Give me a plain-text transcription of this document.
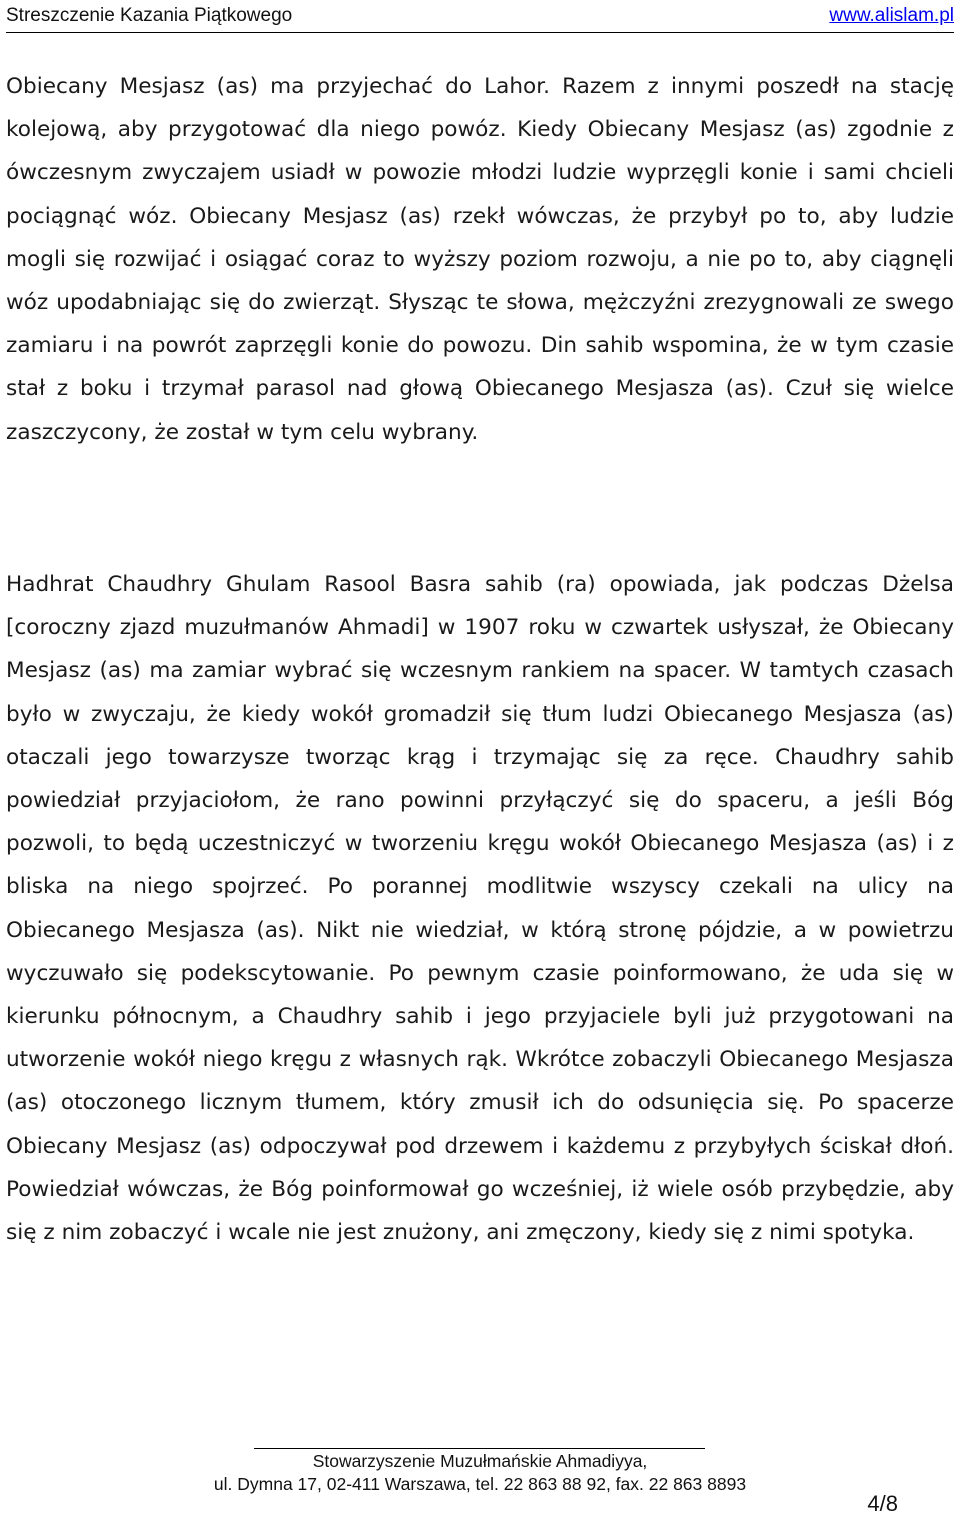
Streszczenie Kazania Piątkowego	www.alislam.pl

Obiecany Mesjasz (as) ma przyjechać do Lahor. Razem z innymi poszedł na stację kolejową, aby przygotować dla niego powóz. Kiedy Obiecany Mesjasz (as) zgodnie z ówczesnym zwyczajem usiadł w powozie młodzi ludzie wyprzęgli konie i sami chcieli pociągnąć wóz. Obiecany Mesjasz (as) rzekł wówczas, że przybył po to, aby ludzie mogli się rozwijać i osiągać coraz to wyższy poziom rozwoju, a nie po to, aby ciągnęli wóz upodabniając się do zwierząt. Słysząc te słowa, mężczyźni zrezygnowali ze swego zamiaru i na powrót zaprzęgli konie do powozu. Din sahib wspomina, że w tym czasie stał z boku i trzymał parasol nad głową Obiecanego Mesjasza (as). Czuł się wielce zaszczycony, że został w tym celu wybrany.

Hadhrat Chaudhry Ghulam Rasool Basra sahib (ra) opowiada, jak podczas Dżelsa [coroczny zjazd muzułmanów Ahmadi] w 1907 roku w czwartek usłyszał, że Obiecany Mesjasz (as) ma zamiar wybrać się wczesnym rankiem na spacer. W tamtych czasach było w zwyczaju, że kiedy wokół gromadził się tłum ludzi Obiecanego Mesjasza (as) otaczali jego towarzysze tworząc krąg i trzymając się za ręce. Chaudhry sahib powiedział przyjaciołom, że rano powinni przyłączyć się do spaceru, a jeśli Bóg pozwoli, to będą uczestniczyć w tworzeniu kręgu wokół Obiecanego Mesjasza (as) i z bliska na niego spojrzeć. Po porannej modlitwie wszyscy czekali na ulicy na Obiecanego Mesjasza (as). Nikt nie wiedział, w którą stronę pójdzie, a w powietrzu wyczuwało się podekscytowanie. Po pewnym czasie poinformowano, że uda się w kierunku północnym, a Chaudhry sahib i jego przyjaciele byli już przygotowani na utworzenie wokół niego kręgu z własnych rąk. Wkrótce zobaczyli Obiecanego Mesjasza (as) otoczonego licznym tłumem, który zmusił ich do odsunięcia się. Po spacerze Obiecany Mesjasz (as) odpoczywał pod drzewem i każdemu z przybyłych ściskał dłoń. Powiedział wówczas, że Bóg poinformował go wcześniej, iż wiele osób przybędzie, aby się z nim zobaczyć i wcale nie jest znużony, ani zmęczony, kiedy się z nimi spotyka.

Stowarzyszenie Muzułmańskie Ahmadiyya,
ul. Dymna 17, 02-411 Warszawa, tel. 22 863 88 92, fax. 22 863 8893
4/8
